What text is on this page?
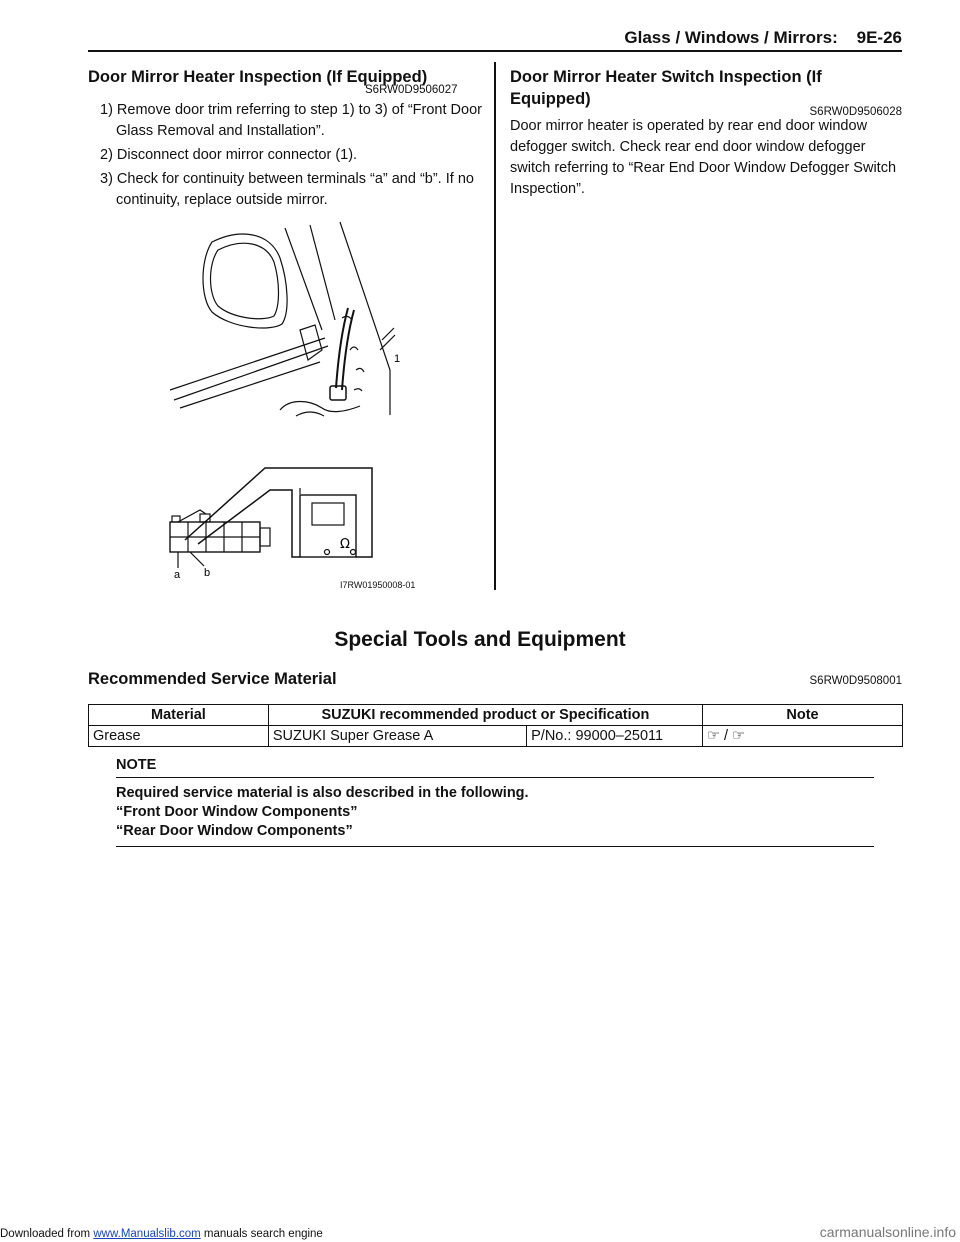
Glass / Windows / Mirrors:    9E-26
Door Mirror Heater Inspection (If Equipped)
S6RW0D9506027
1) Remove door trim referring to step 1) to 3) of “Front Door Glass Removal and Installation”.
2) Disconnect door mirror connector (1).
3) Check for continuity between terminals “a” and “b”. If no continuity, replace outside mirror.
Door Mirror Heater Switch Inspection (If
Equipped)
S6RW0D9506028

Door mirror heater is operated by rear end door window defogger switch. Check rear end door window defogger switch referring to “Rear End Door Window Defogger Switch Inspection”.

Ω
1
a b
I7RW01950008-01
Special Tools and Equipment
Recommended Service Material	S6RW0D9508001
Material	SUZUKI recommended product or Specification		Note
Grease	SUZUKI Super Grease A	P/No.: 99000–25011	☞ / ☞
NOTE
Required service material is also described in the following.
“Front Door Window Components”
“Rear Door Window Components”
Downloaded from www.Manualslib.com manuals search engine	carmanualsonline.info
